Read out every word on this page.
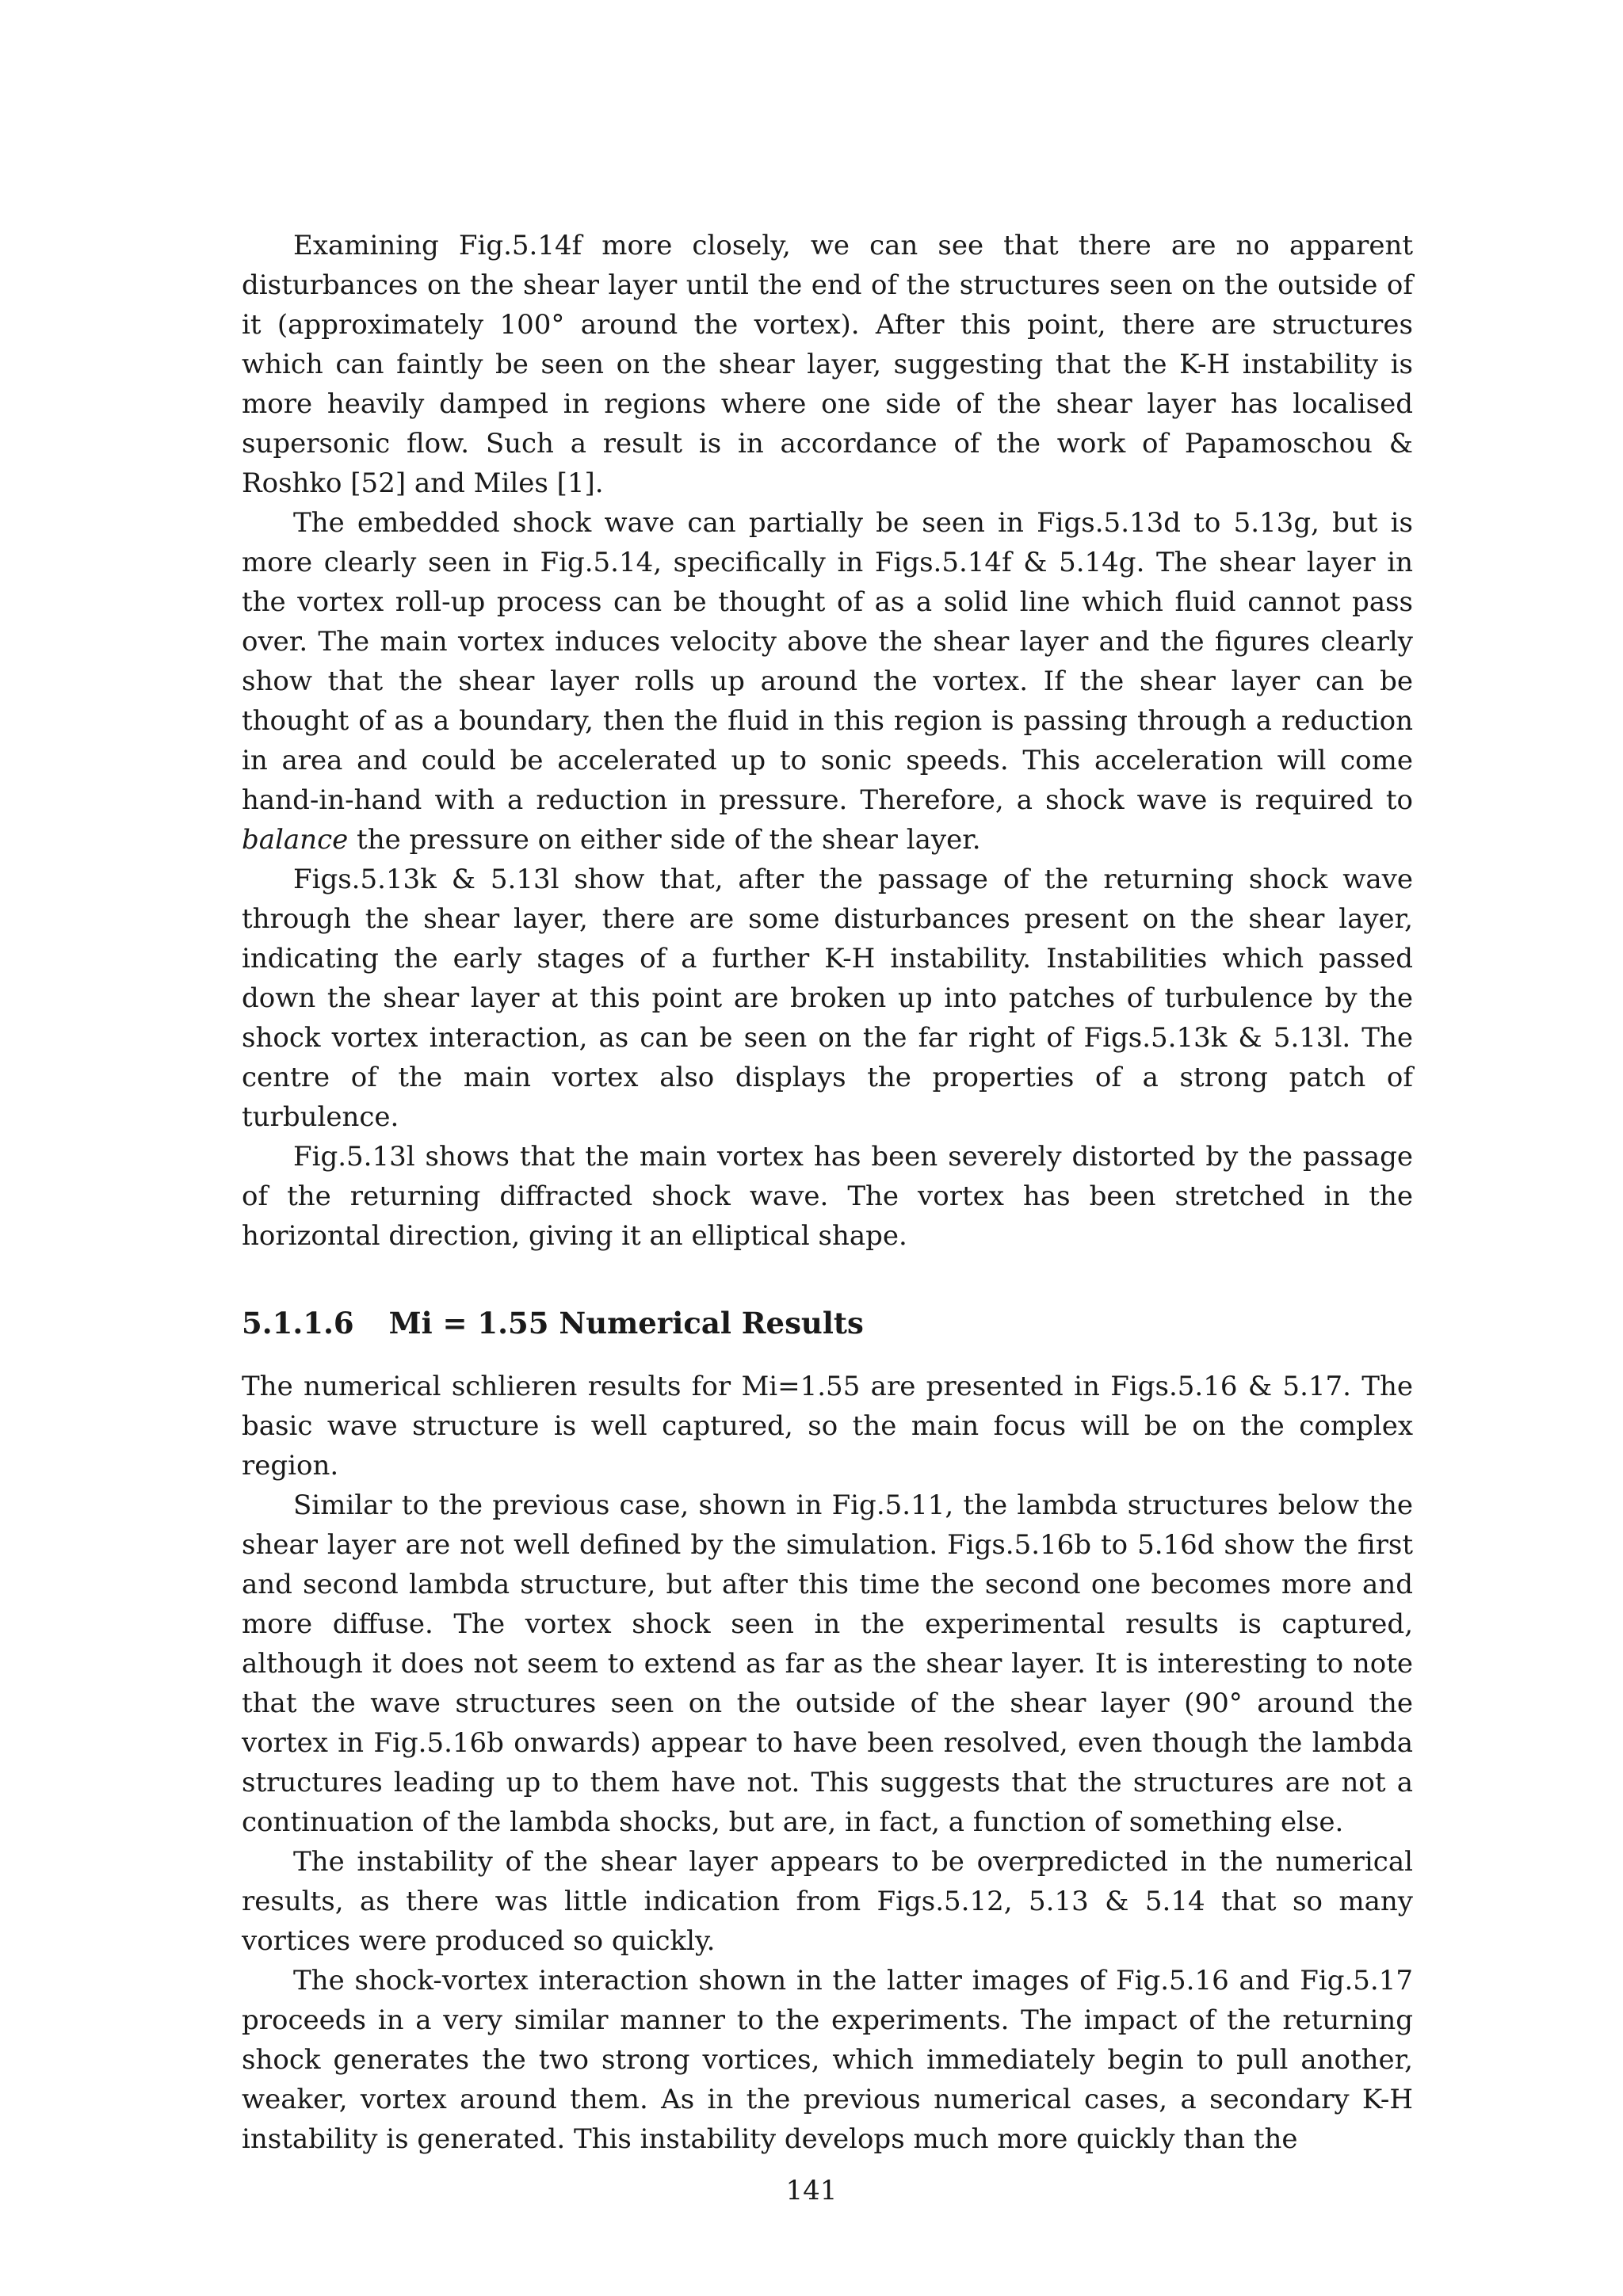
Examining Fig.5.14f more closely, we can see that there are no apparent disturbances on the shear layer until the end of the structures seen on the outside of it (approximately 100° around the vortex). After this point, there are structures which can faintly be seen on the shear layer, suggesting that the K-H instability is more heavily damped in regions where one side of the shear layer has localised supersonic flow. Such a result is in accordance of the work of Papamoschou & Roshko [52] and Miles [1].

The embedded shock wave can partially be seen in Figs.5.13d to 5.13g, but is more clearly seen in Fig.5.14, specifically in Figs.5.14f & 5.14g. The shear layer in the vortex roll-up process can be thought of as a solid line which fluid cannot pass over. The main vortex induces velocity above the shear layer and the figures clearly show that the shear layer rolls up around the vortex. If the shear layer can be thought of as a boundary, then the fluid in this region is passing through a reduction in area and could be accelerated up to sonic speeds. This acceleration will come hand-in-hand with a reduction in pressure. Therefore, a shock wave is required to balance the pressure on either side of the shear layer.

Figs.5.13k & 5.13l show that, after the passage of the returning shock wave through the shear layer, there are some disturbances present on the shear layer, indicating the early stages of a further K-H instability. Instabilities which passed down the shear layer at this point are broken up into patches of turbulence by the shock vortex interaction, as can be seen on the far right of Figs.5.13k & 5.13l. The centre of the main vortex also displays the properties of a strong patch of turbulence.

Fig.5.13l shows that the main vortex has been severely distorted by the passage of the returning diffracted shock wave. The vortex has been stretched in the horizontal direction, giving it an elliptical shape.

5.1.1.6 Mi = 1.55 Numerical Results

The numerical schlieren results for Mi=1.55 are presented in Figs.5.16 & 5.17. The basic wave structure is well captured, so the main focus will be on the complex region.

Similar to the previous case, shown in Fig.5.11, the lambda structures below the shear layer are not well defined by the simulation. Figs.5.16b to 5.16d show the first and second lambda structure, but after this time the second one becomes more and more diffuse. The vortex shock seen in the experimental results is captured, although it does not seem to extend as far as the shear layer. It is interesting to note that the wave structures seen on the outside of the shear layer (90° around the vortex in Fig.5.16b onwards) appear to have been resolved, even though the lambda structures leading up to them have not. This suggests that the structures are not a continuation of the lambda shocks, but are, in fact, a function of something else.

The instability of the shear layer appears to be overpredicted in the numerical results, as there was little indication from Figs.5.12, 5.13 & 5.14 that so many vortices were produced so quickly.

The shock-vortex interaction shown in the latter images of Fig.5.16 and Fig.5.17 proceeds in a very similar manner to the experiments. The impact of the returning shock generates the two strong vortices, which immediately begin to pull another, weaker, vortex around them. As in the previous numerical cases, a secondary K-H instability is generated. This instability develops much more quickly than the

141
